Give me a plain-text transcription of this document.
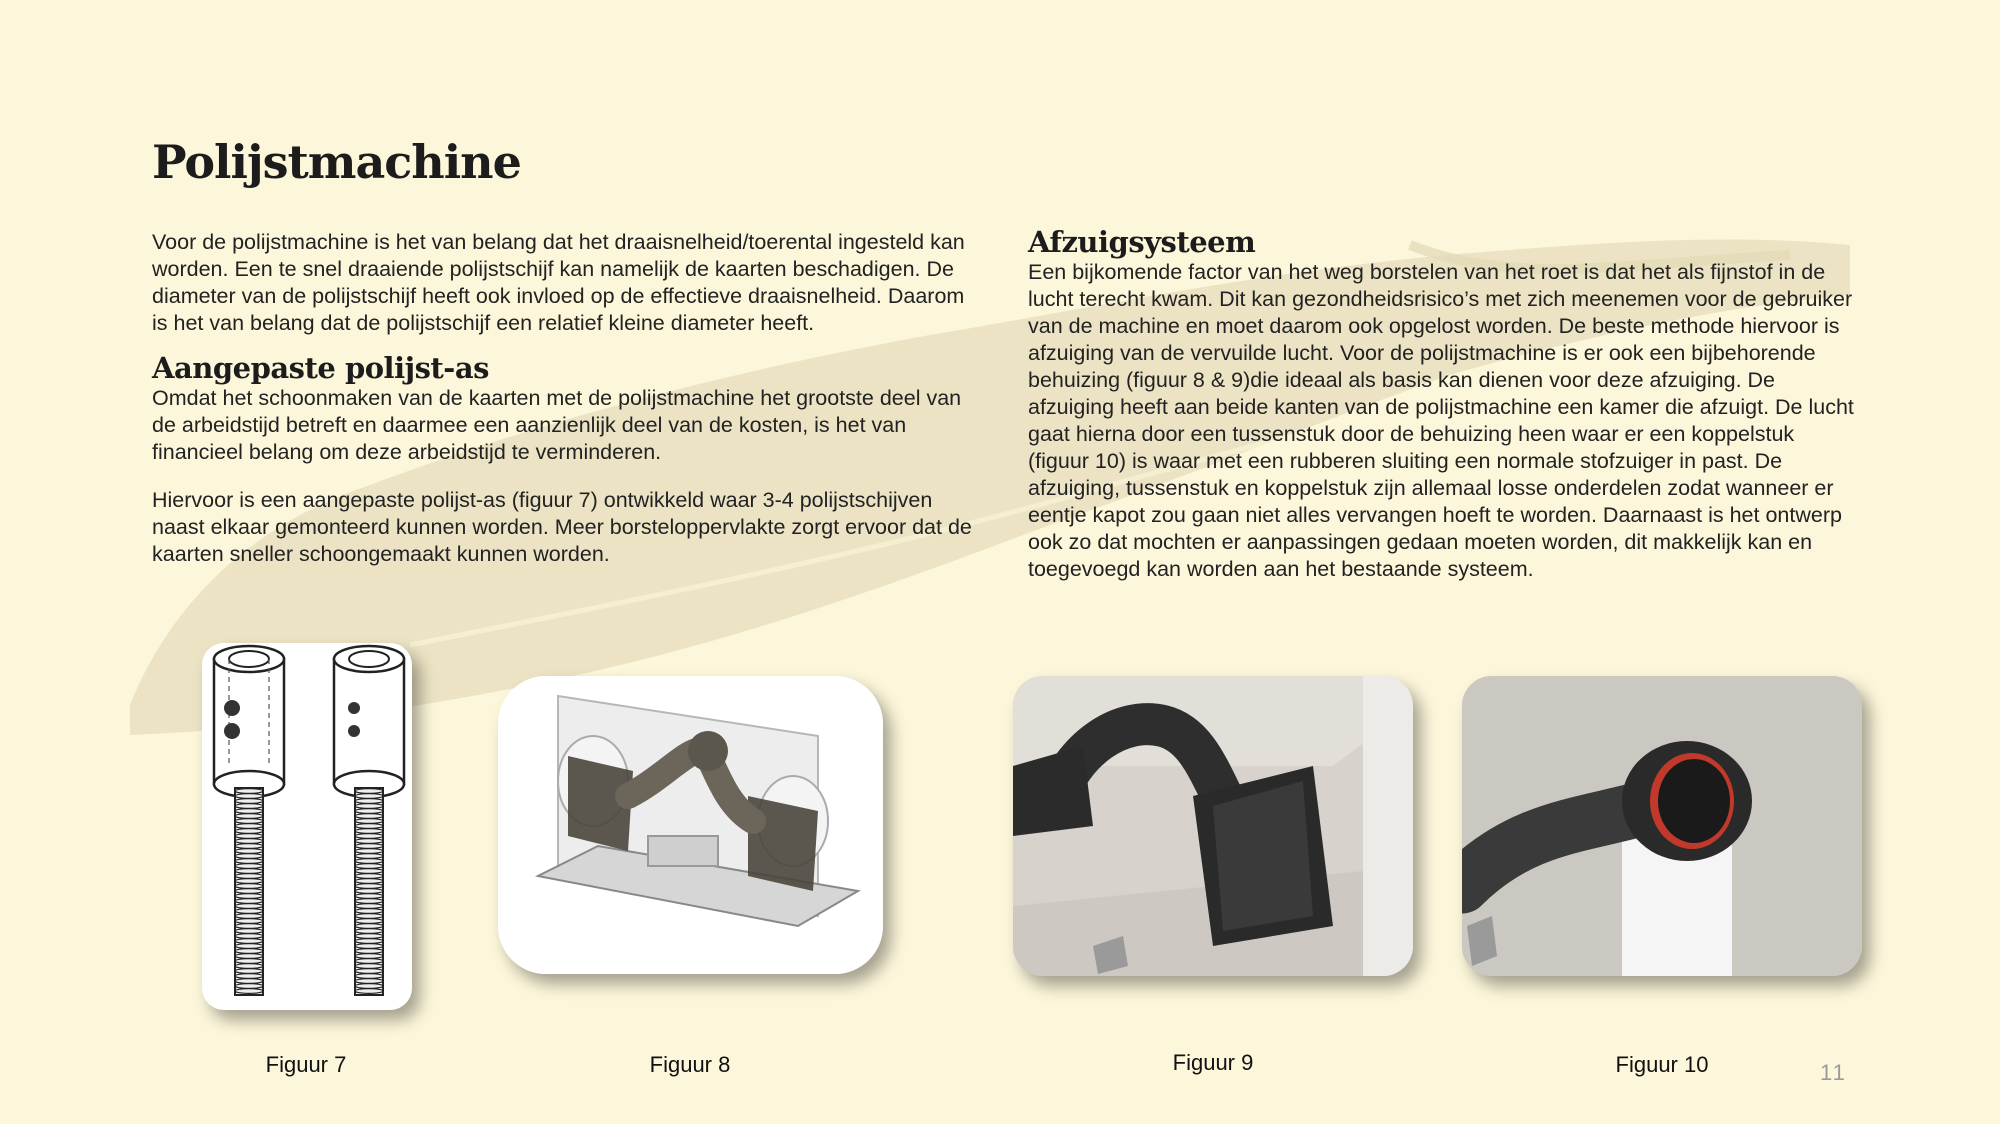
Polijstmachine

Voor de polijstmachine is het van belang dat het draaisnelheid/toerental ingesteld kan worden. Een te snel draaiende polijstschijf kan namelijk de kaarten beschadigen. De diameter van de polijstschijf heeft ook invloed op de effectieve draaisnelheid. Daarom is het van belang dat de polijstschijf een relatief kleine diameter heeft.

Aangepaste polijst-as

Omdat het schoonmaken van de kaarten met de polijstmachine het grootste deel van de arbeidstijd betreft en daarmee een aanzienlijk deel van de kosten, is het van financieel belang om deze arbeidstijd te verminderen.

Hiervoor is een aangepaste polijst-as (figuur 7) ontwikkeld waar 3-4 polijstschijven naast elkaar gemonteerd kunnen worden. Meer borsteloppervlakte zorgt ervoor dat de kaarten sneller schoongemaakt kunnen worden.

Afzuigsysteem

Een bijkomende factor van het weg borstelen van het roet is dat het als fijnstof in de lucht terecht kwam. Dit kan gezondheidsrisico’s met zich meenemen voor de gebruiker van de machine en moet daarom ook opgelost worden. De beste methode hiervoor is afzuiging van de vervuilde lucht. Voor de polijstmachine is er ook een bijbehorende behuizing (figuur 8 & 9)die ideaal als basis kan dienen voor deze afzuiging. De afzuiging heeft aan beide kanten van de polijstmachine een kamer die afzuigt. De lucht gaat hierna door een tussenstuk door de behuizing heen waar er een koppelstuk (figuur 10) is waar met een rubberen sluiting een normale stofzuiger in past. De afzuiging, tussenstuk en koppelstuk zijn allemaal losse onderdelen zodat wanneer er eentje kapot zou gaan niet alles vervangen hoeft te worden. Daarnaast is het ontwerp ook zo dat mochten er aanpassingen gedaan moeten worden, dit makkelijk kan en toegevoegd kan worden aan het bestaande systeem.

Figuur 7	Figuur 8	Figuur 9	Figuur 10	11
